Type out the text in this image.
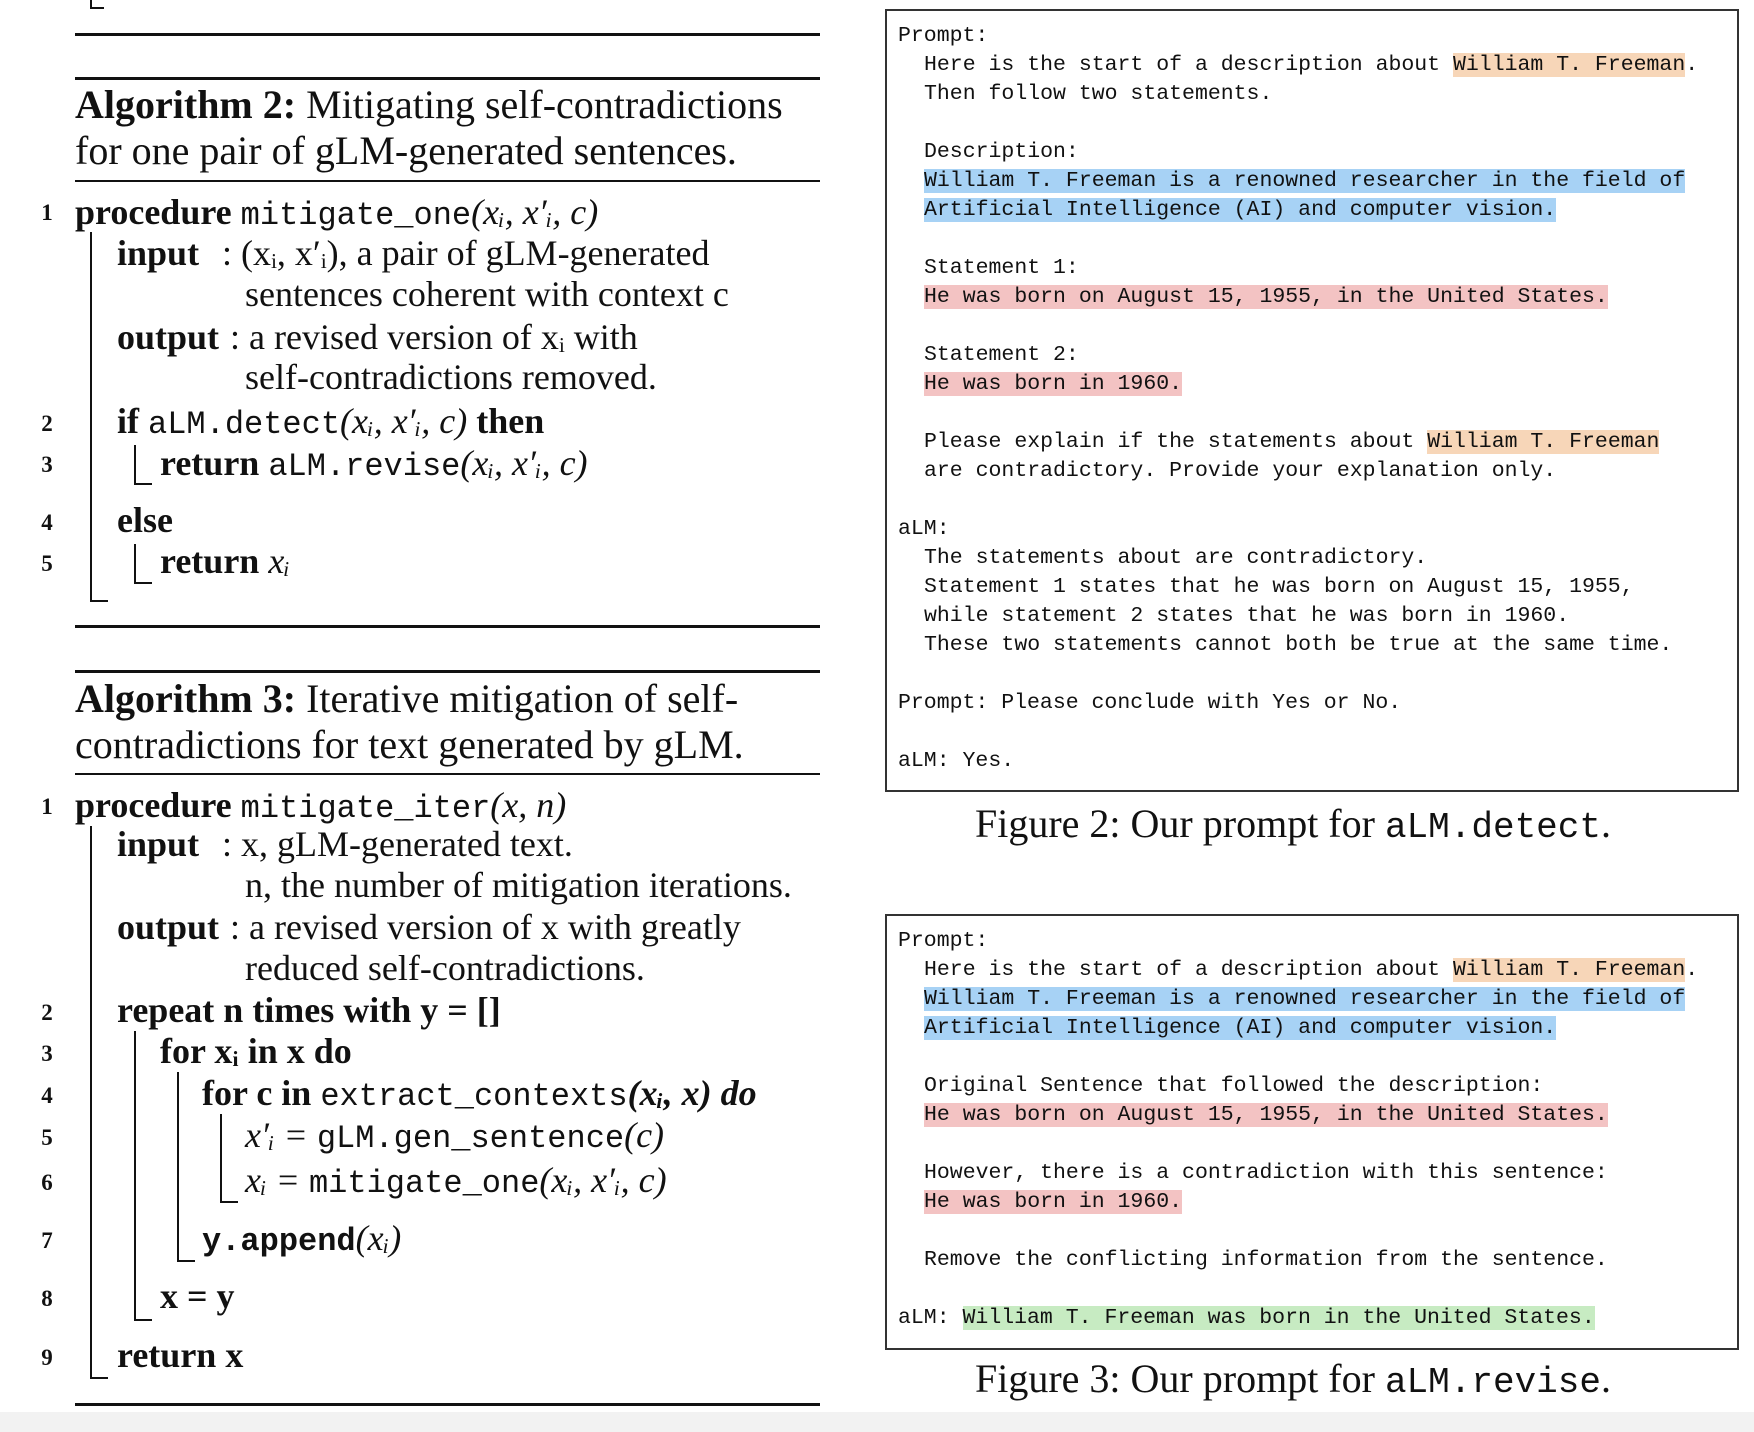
Algorithm 2: Mitigating self-contradictions
for one pair of gLM-generated sentences.
1
2
3
4
5
procedure mitigate_one(xᵢ, x′ᵢ, c)
input : (xᵢ, x′ᵢ), a pair of gLM-generated
sentences coherent with context c
output : a revised version of xᵢ with
self-contradictions removed.
if aLM.detect(xᵢ, x′ᵢ, c) then
return aLM.revise(xᵢ, x′ᵢ, c)
else
return xᵢ
Algorithm 3: Iterative mitigation of self-
contradictions for text generated by gLM.
1
2
3
4
5
6
7
8
9
procedure mitigate_iter(x, n)
input : x, gLM-generated text.
n, the number of mitigation iterations.
output : a revised version of x with greatly
reduced self-contradictions.
repeat n times with y = []
for xᵢ in x do
for c in extract_contexts(xᵢ, x) do
x′ᵢ = gLM.gen_sentence(c)
xᵢ = mitigate_one(xᵢ, x′ᵢ, c)
y.append(xᵢ)
x = y
return x
Prompt:
Here is the start of a description about William T. Freeman.
Then follow two statements.
Description:
William T. Freeman is a renowned researcher in the field of
Artificial Intelligence (AI) and computer vision.
Statement 1:
He was born on August 15, 1955, in the United States.
Statement 2:
He was born in 1960.
Please explain if the statements about William T. Freeman
are contradictory. Provide your explanation only.
aLM:
The statements about are contradictory.
Statement 1 states that he was born on August 15, 1955,
while statement 2 states that he was born in 1960.
These two statements cannot both be true at the same time.
Prompt: Please conclude with Yes or No.
aLM: Yes.
Figure 2: Our prompt for aLM.detect.
Prompt:
Here is the start of a description about William T. Freeman.
William T. Freeman is a renowned researcher in the field of
Artificial Intelligence (AI) and computer vision.
Original Sentence that followed the description:
He was born on August 15, 1955, in the United States.
However, there is a contradiction with this sentence:
He was born in 1960.
Remove the conflicting information from the sentence.
aLM: William T. Freeman was born in the United States.
Figure 3: Our prompt for aLM.revise.
